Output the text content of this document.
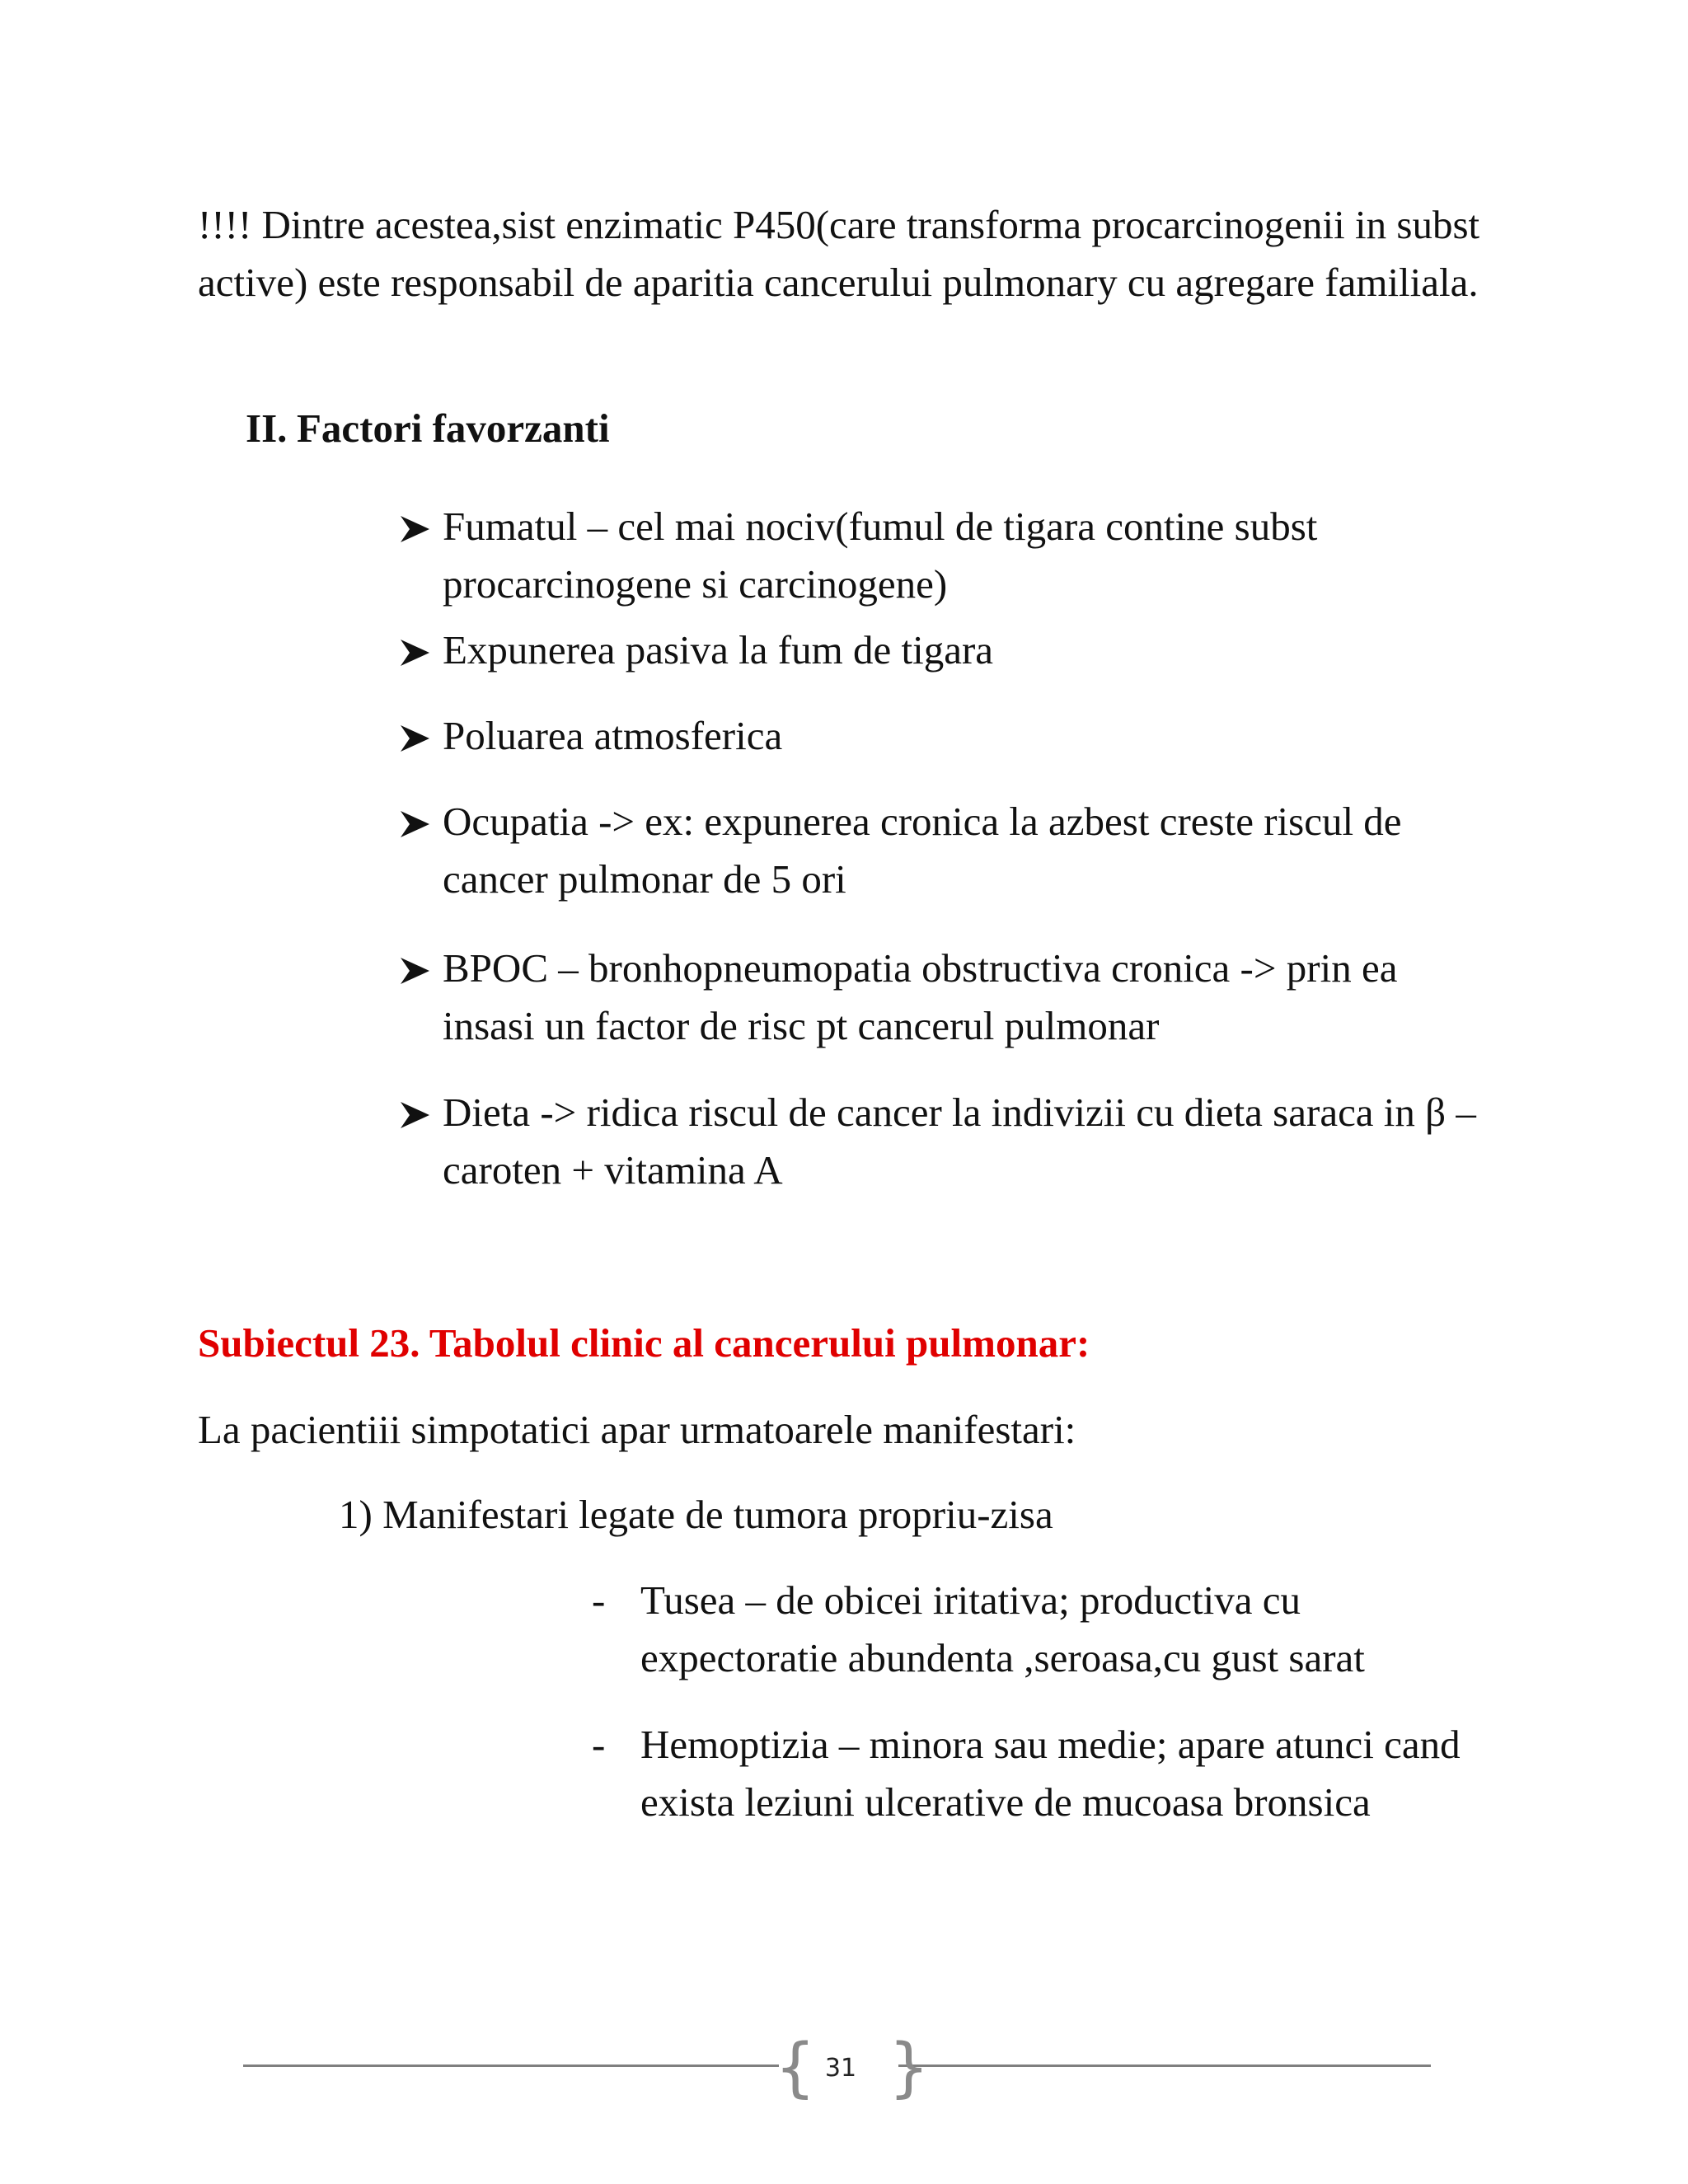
!!!! Dintre acestea,sist enzimatic P450(care transforma procarcinogenii in subst active) este responsabil de aparitia cancerului pulmonary cu agregare familiala.

II. Factori favorzanti

Fumatul – cel mai nociv(fumul de tigara contine subst procarcinogene si carcinogene)
Expunerea pasiva la fum de tigara
Poluarea atmosferica
Ocupatia -> ex: expunerea cronica la azbest creste riscul de cancer pulmonar de 5 ori
BPOC – bronhopneumopatia obstructiva cronica -> prin ea insasi un factor de risc pt cancerul pulmonar
Dieta -> ridica riscul de cancer la indivizii cu dieta saraca in β – caroten + vitamina A

Subiectul 23. Tabolul clinic al cancerului pulmonar:

La pacientiii simpotatici apar urmatoarele manifestari:

1) Manifestari legate de tumora propriu-zisa

- Tusea – de obicei iritativa; productiva cu expectoratie abundenta ,seroasa,cu gust sarat
- Hemoptizia – minora sau medie; apare atunci cand exista leziuni ulcerative de mucoasa bronsica
{ 31 }
